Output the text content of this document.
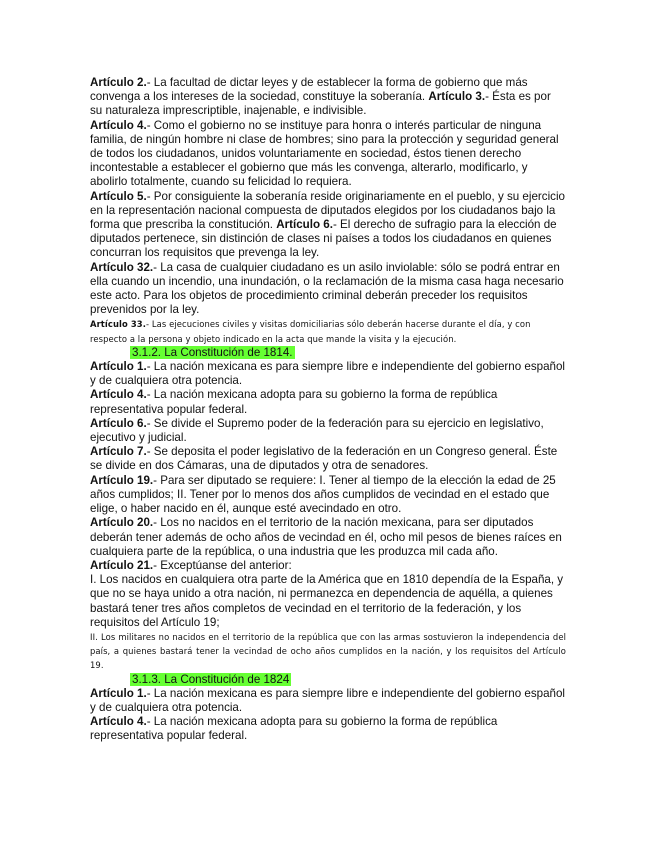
Artículo 2.- La facultad de dictar leyes y de establecer la forma de gobierno que más convenga a los intereses de la sociedad, constituye la soberanía. Artículo 3.- Ésta es por su naturaleza imprescriptible, inajenable, e indivisible.

Artículo 4.- Como el gobierno no se instituye para honra o interés particular de ninguna familia, de ningún hombre ni clase de hombres; sino para la protección y seguridad general de todos los ciudadanos, unidos voluntariamente en sociedad, éstos tienen derecho incontestable a establecer el gobierno que más les convenga, alterarlo, modificarlo, y abolirlo totalmente, cuando su felicidad lo requiera.

Artículo 5.- Por consiguiente la soberanía reside originariamente en el pueblo, y su ejercicio en la representación nacional compuesta de diputados elegidos por los ciudadanos bajo la forma que prescriba la constitución. Artículo 6.- El derecho de sufragio para la elección de diputados pertenece, sin distinción de clases ni países a todos los ciudadanos en quienes concurran los requisitos que prevenga la ley.

Artículo 32.- La casa de cualquier ciudadano es un asilo inviolable: sólo se podrá entrar en ella cuando un incendio, una inundación, o la reclamación de la misma casa haga necesario este acto. Para los objetos de procedimiento criminal deberán preceder los requisitos prevenidos por la ley.

Artículo 33.- Las ejecuciones civiles y visitas domiciliarias sólo deberán hacerse durante el día, y con respecto a la persona y objeto indicado en la acta que mande la visita y la ejecución.

3.1.2. La Constitución de 1814.

Artículo 1.- La nación mexicana es para siempre libre e independiente del gobierno español y de cualquiera otra potencia.

Artículo 4.- La nación mexicana adopta para su gobierno la forma de república representativa popular federal.

Artículo 6.- Se divide el Supremo poder de la federación para su ejercicio en legislativo, ejecutivo y judicial.

Artículo 7.- Se deposita el poder legislativo de la federación en un Congreso general. Éste se divide en dos Cámaras, una de diputados y otra de senadores.

Artículo 19.- Para ser diputado se requiere: I. Tener al tiempo de la elección la edad de 25 años cumplidos; II. Tener por lo menos dos años cumplidos de vecindad en el estado que elige, o haber nacido en él, aunque esté avecindado en otro.

Artículo 20.- Los no nacidos en el territorio de la nación mexicana, para ser diputados deberán tener además de ocho años de vecindad en él, ocho mil pesos de bienes raíces en cualquiera parte de la república, o una industria que les produzca mil cada año.

Artículo 21.- Exceptúanse del anterior:

I. Los nacidos en cualquiera otra parte de la América que en 1810 dependía de la España, y que no se haya unido a otra nación, ni permanezca en dependencia de aquélla, a quienes bastará tener tres años completos de vecindad en el territorio de la federación, y los requisitos del Artículo 19;

II. Los militares no nacidos en el territorio de la república que con las armas sostuvieron la independencia del país, a quienes bastará tener la vecindad de ocho años cumplidos en la nación, y los requisitos del Artículo 19.

3.1.3. La Constitución de 1824

Artículo 1.- La nación mexicana es para siempre libre e independiente del gobierno español y de cualquiera otra potencia.

Artículo 4.- La nación mexicana adopta para su gobierno la forma de república representativa popular federal.
